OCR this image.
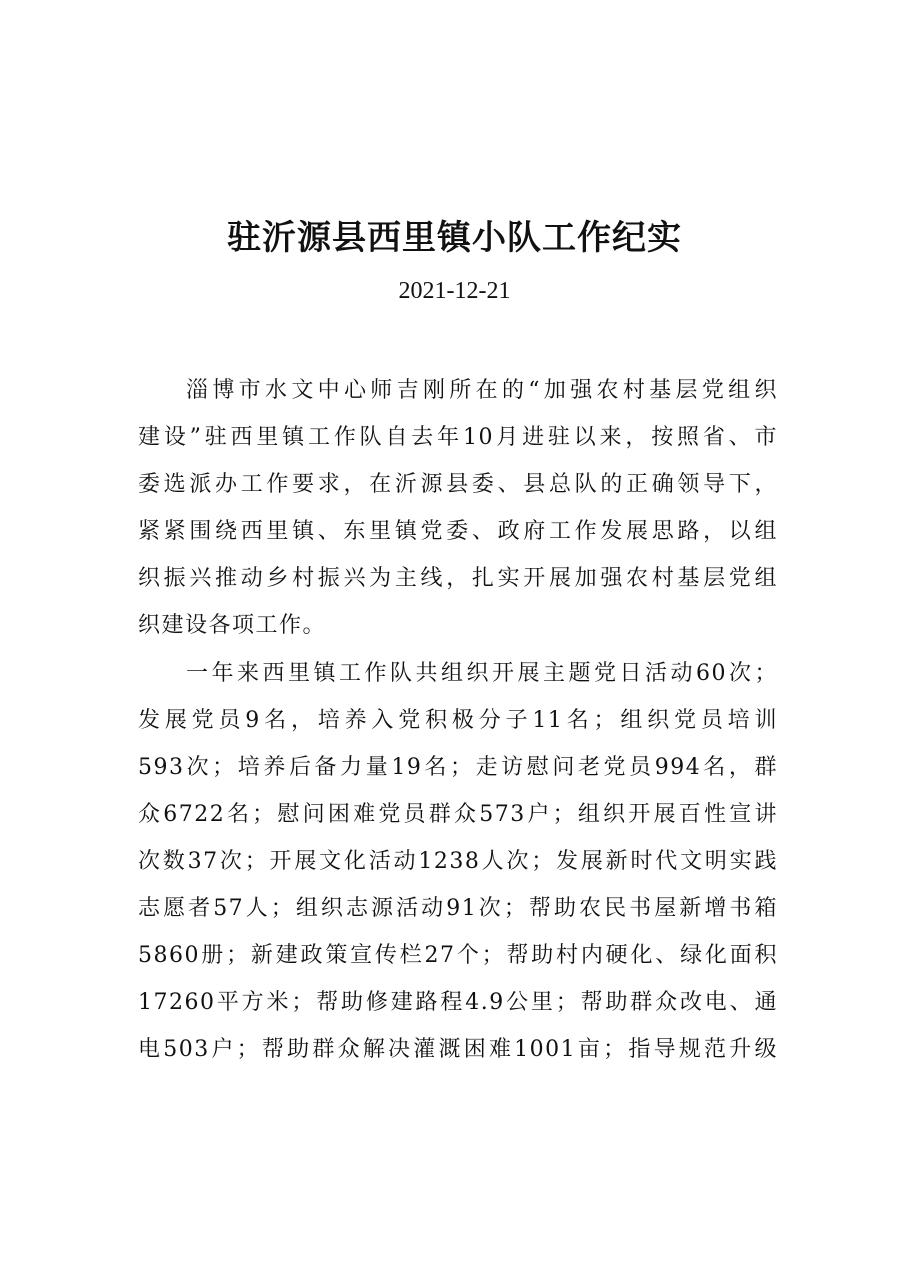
驻沂源县西里镇小队工作纪实
2021-12-21
淄博市水文中心师吉刚所在的“加强农村基层党组织
建设”驻西里镇工作队自去年10月进驻以来，按照省、市
委选派办工作要求，在沂源县委、县总队的正确领导下，
紧紧围绕西里镇、东里镇党委、政府工作发展思路，以组
织振兴推动乡村振兴为主线，扎实开展加强农村基层党组
织建设各项工作。
一年来西里镇工作队共组织开展主题党日活动60次；
发展党员9名，培养入党积极分子11名；组织党员培训
593次；培养后备力量19名；走访慰问老党员994名，群
众6722名；慰问困难党员群众573户；组织开展百性宣讲
次数37次；开展文化活动1238人次；发展新时代文明实践
志愿者57人；组织志源活动91次；帮助农民书屋新增书箱
5860册；新建政策宣传栏27个；帮助村内硬化、绿化面积
17260平方米；帮助修建路程4.9公里；帮助群众改电、通
电503户；帮助群众解决灌溉困难1001亩；指导规范升级
